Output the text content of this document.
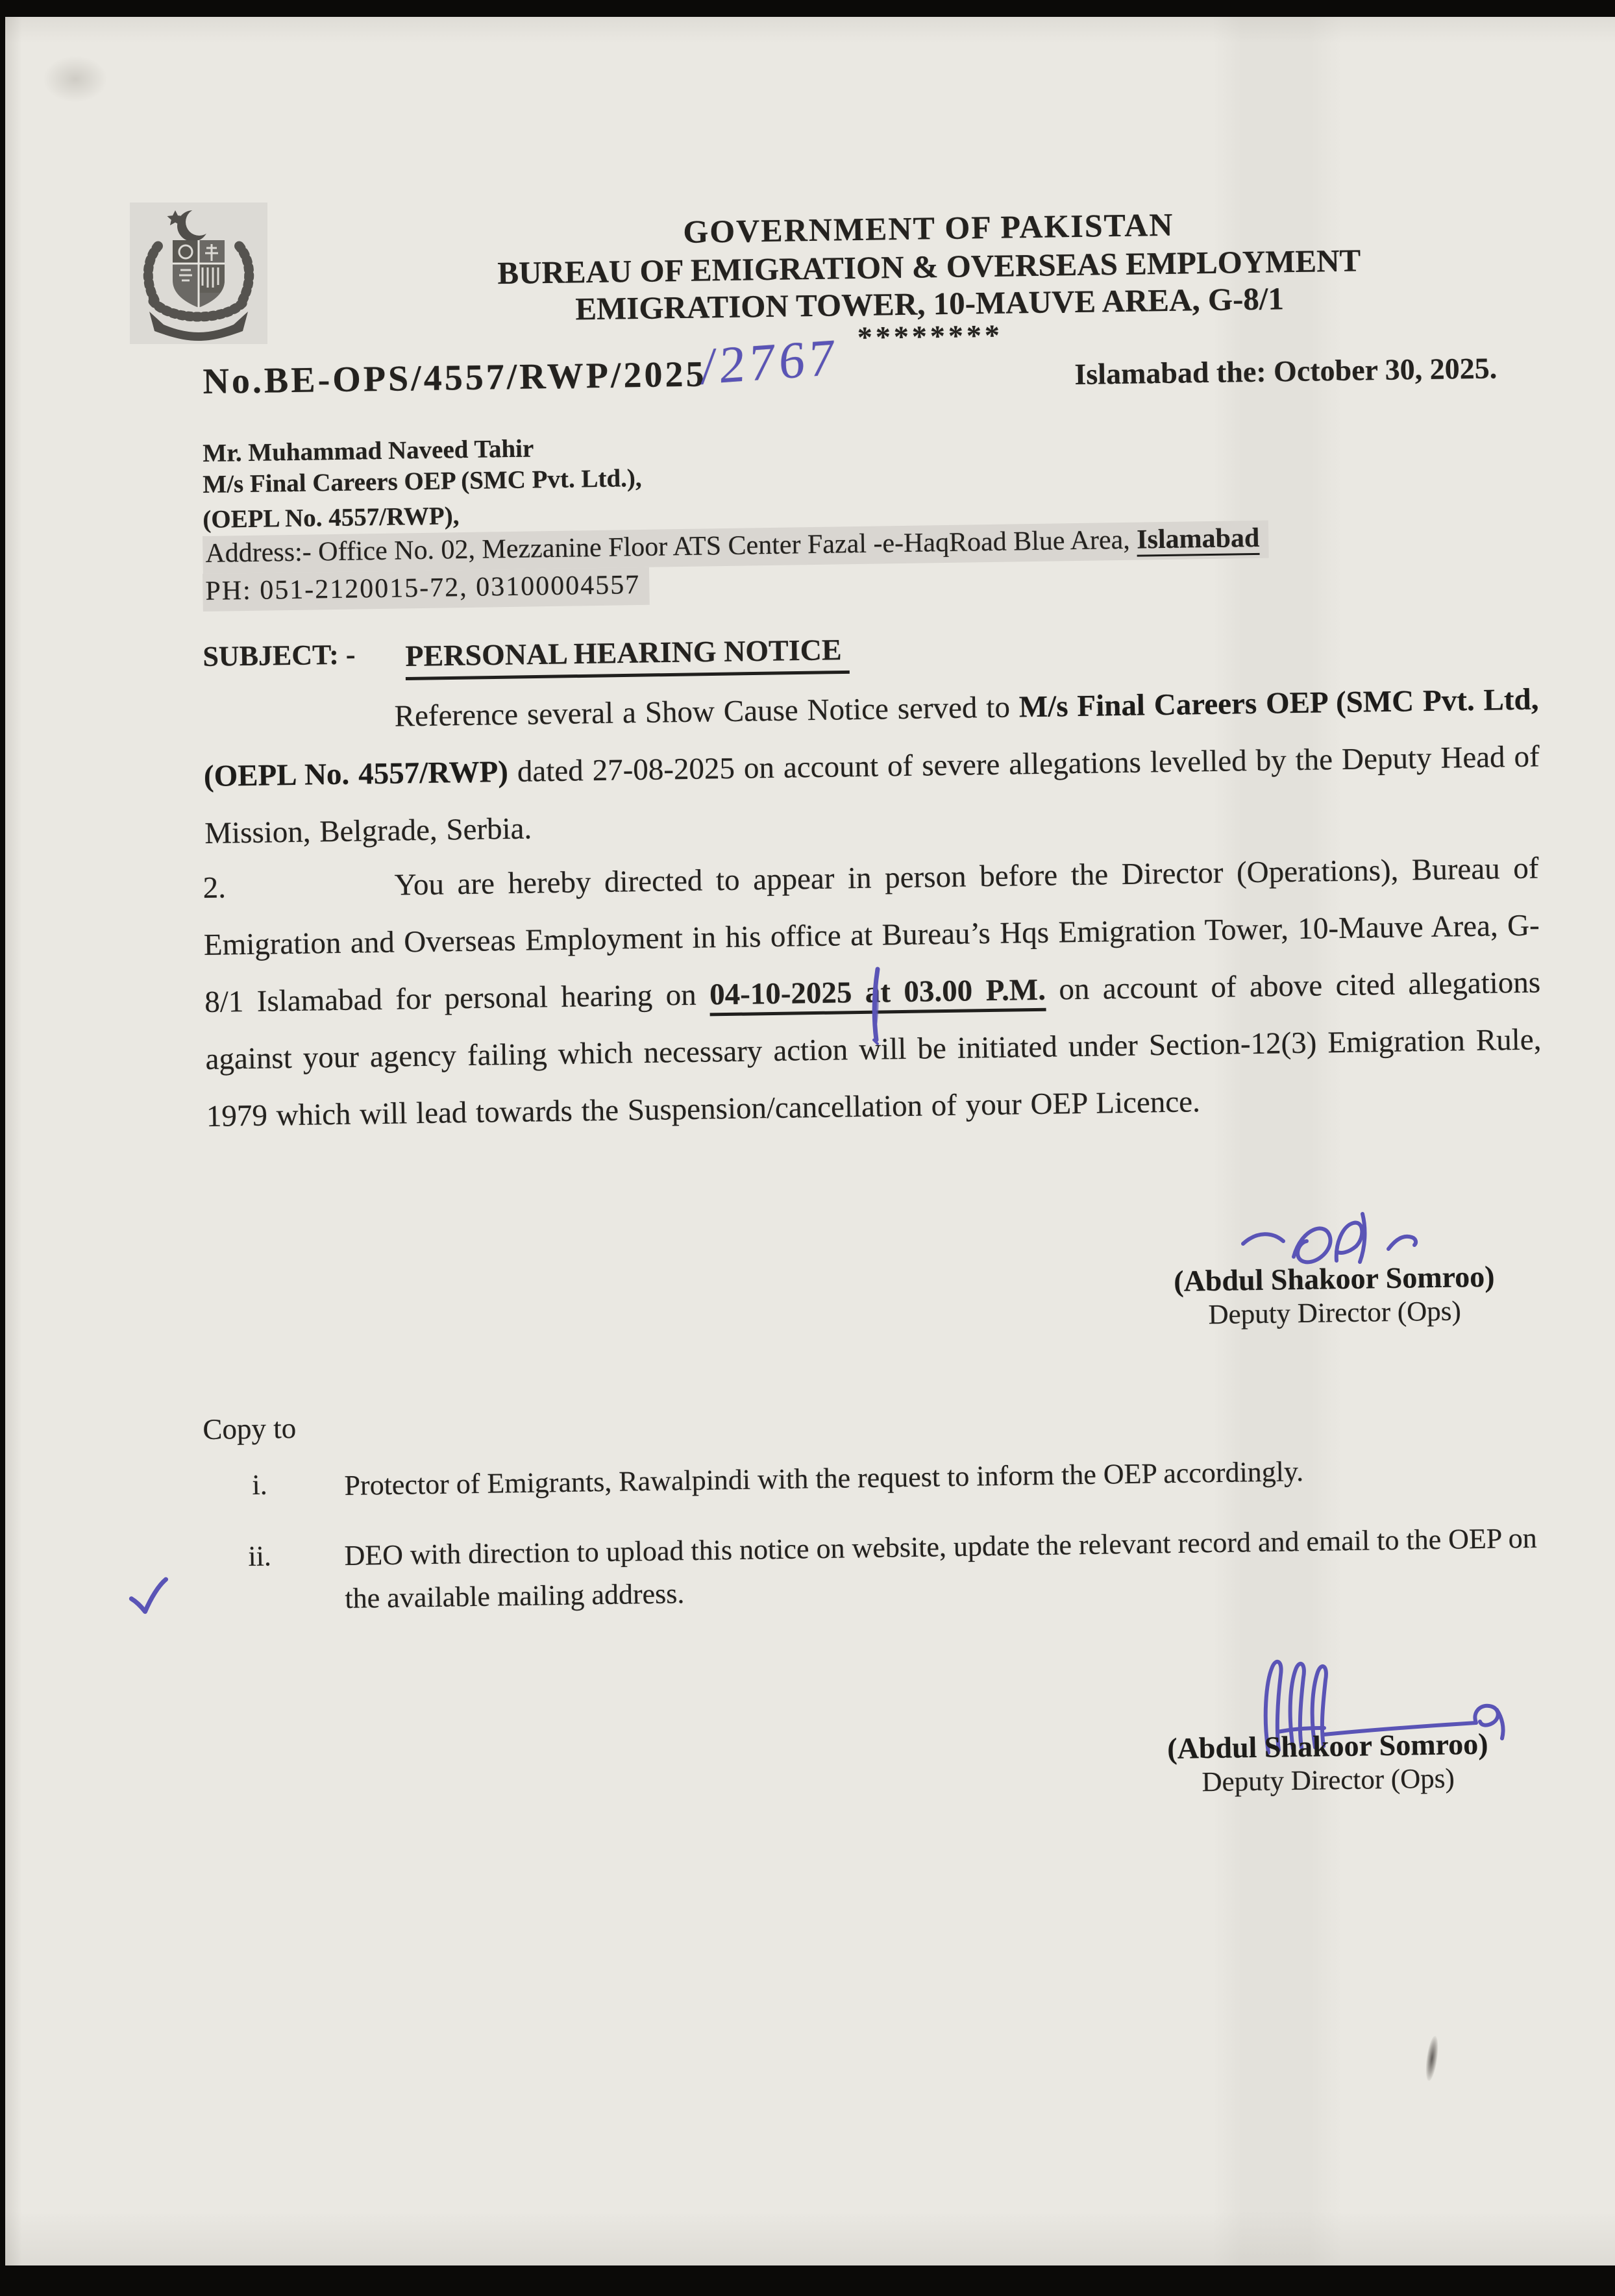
GOVERNMENT OF PAKISTAN
BUREAU OF EMIGRATION & OVERSEAS EMPLOYMENT
EMIGRATION TOWER, 10-MAUVE AREA, G-8/1
********
No.BE-OPS/4557/RWP/2025
/2767	Islamabad the: October 30, 2025.
Mr. Muhammad Naveed Tahir
M/s Final Careers OEP (SMC Pvt. Ltd.),
(OEPL No. 4557/RWP),
Address:- Office No. 02, Mezzanine Floor ATS Center Fazal -e-HaqRoad Blue Area, Islamabad
PH: 051-2120015-72, 03100004557
SUBJECT: - PERSONAL HEARING NOTICE
Reference several a Show Cause Notice served to M/s Final Careers OEP (SMC Pvt. Ltd, (OEPL No. 4557/RWP) dated 27-08-2025 on account of severe allegations levelled by the Deputy Head of Mission, Belgrade, Serbia.
2.	You are hereby directed to appear in person before the Director (Operations), Bureau of Emigration and Overseas Employment in his office at Bureau’s Hqs Emigration Tower, 10-Mauve Area, G-8/1 Islamabad for personal hearing on 04-10-2025 at 03.00 P.M. on account of above cited allegations against your agency failing which necessary action will be initiated under Section-12(3) Emigration Rule, 1979 which will lead towards the Suspension/cancellation of your OEP Licence.
(Abdul Shakoor Somroo)
Deputy Director (Ops)
Copy to
i.	Protector of Emigrants, Rawalpindi with the request to inform the OEP accordingly.
ii.	DEO with direction to upload this notice on website, update the relevant record and email to the OEP on the available mailing address.
(Abdul Shakoor Somroo)
Deputy Director (Ops)
